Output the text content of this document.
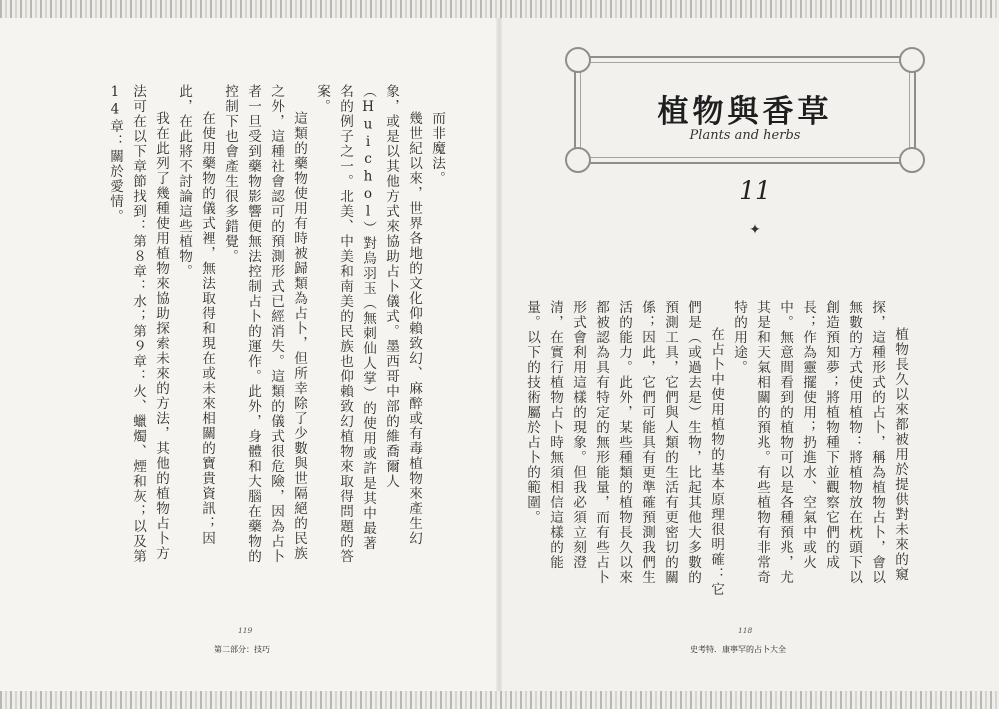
而非魔法。

幾世紀以來，世界各地的文化仰賴致幻、麻醉或有毒植物來產生幻象，或是以其他方式來協助占卜儀式。墨西哥中部的維喬爾人（Huichol）對烏羽玉（無刺仙人掌）的使用或許是其中最著名的例子之一。北美、中美和南美的民族也仰賴致幻植物來取得問題的答案。

這類的藥物使用有時被歸類為占卜，但所幸除了少數與世隔絕的民族之外，這種社會認可的預測形式已經消失。這類的儀式很危險，因為占卜者一旦受到藥物影響便無法控制占卜的運作。此外，身體和大腦在藥物的控制下也會產生很多錯覺。

在使用藥物的儀式裡，無法取得和現在或未來相關的寶貴資訊；因此，在此將不討論這些植物。

我在此列了幾種使用植物來協助探索未來的方法，其他的植物占卜方法可在以下章節找到：第８章：水；第９章：火、蠟燭、煙和灰；以及第14章：關於愛情。

119
第二部分：技巧
植物與香草
Plants and herbs
11
✦

植物長久以來都被用於提供對未來的窺探，這種形式的占卜，稱為植物占卜，會以無數的方式使用植物：將植物放在枕頭下以創造預知夢；將植物種下並觀察它們的成長；作為靈擺使用；扔進水、空氣中或火中。無意間看到的植物可以是各種預兆，尤其是和天氣相關的預兆。有些植物有非常奇特的用途。

在占卜中使用植物的基本原理很明確：它們是（或過去是）生物，比起其他大多數的預測工具，它們與人類的生活有更密切的關係；因此，它們可能具有更準確預測我們生活的能力。此外，某些種類的植物長久以來都被認為具有特定的無形能量，而有些占卜形式會利用這樣的現象。但我必須立刻澄清，在實行植物占卜時無須相信這樣的能量。以下的技術屬於占卜的範圍。

118
史考特．康寧罕的占卜大全
